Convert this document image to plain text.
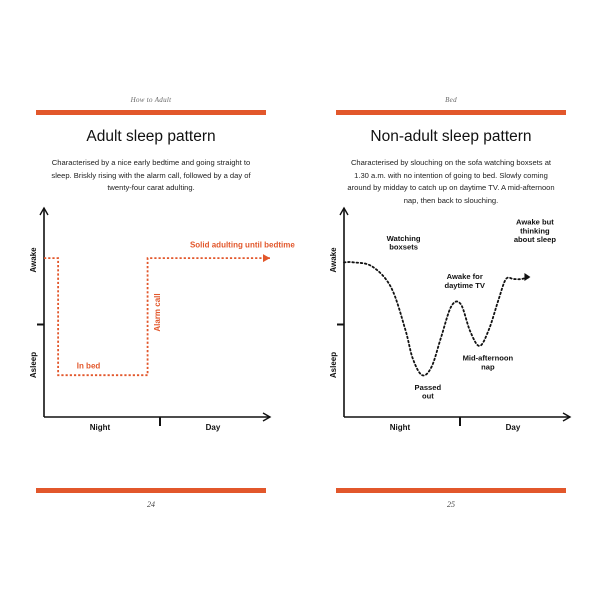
How to Adult
Adult sleep pattern
Characterised by a nice early bedtime and going straight to sleep. Briskly rising with the alarm call, followed by a day of twenty-four carat adulting.
Awake
Asleep
Night	Day
Solid adulting until bedtime
Alarm call
In bed
24
Bed
Non-adult sleep pattern
Characterised by slouching on the sofa watching boxsets at 1.30 a.m. with no intention of going to bed. Slowly coming around by midday to catch up on daytime TV. A mid-afternoon nap, then back to slouching.
Awake
Asleep
Night	Day
Watching boxsets
Passed out
Awake for daytime TV
Mid-afternoon nap
Awake but thinking about sleep
25
